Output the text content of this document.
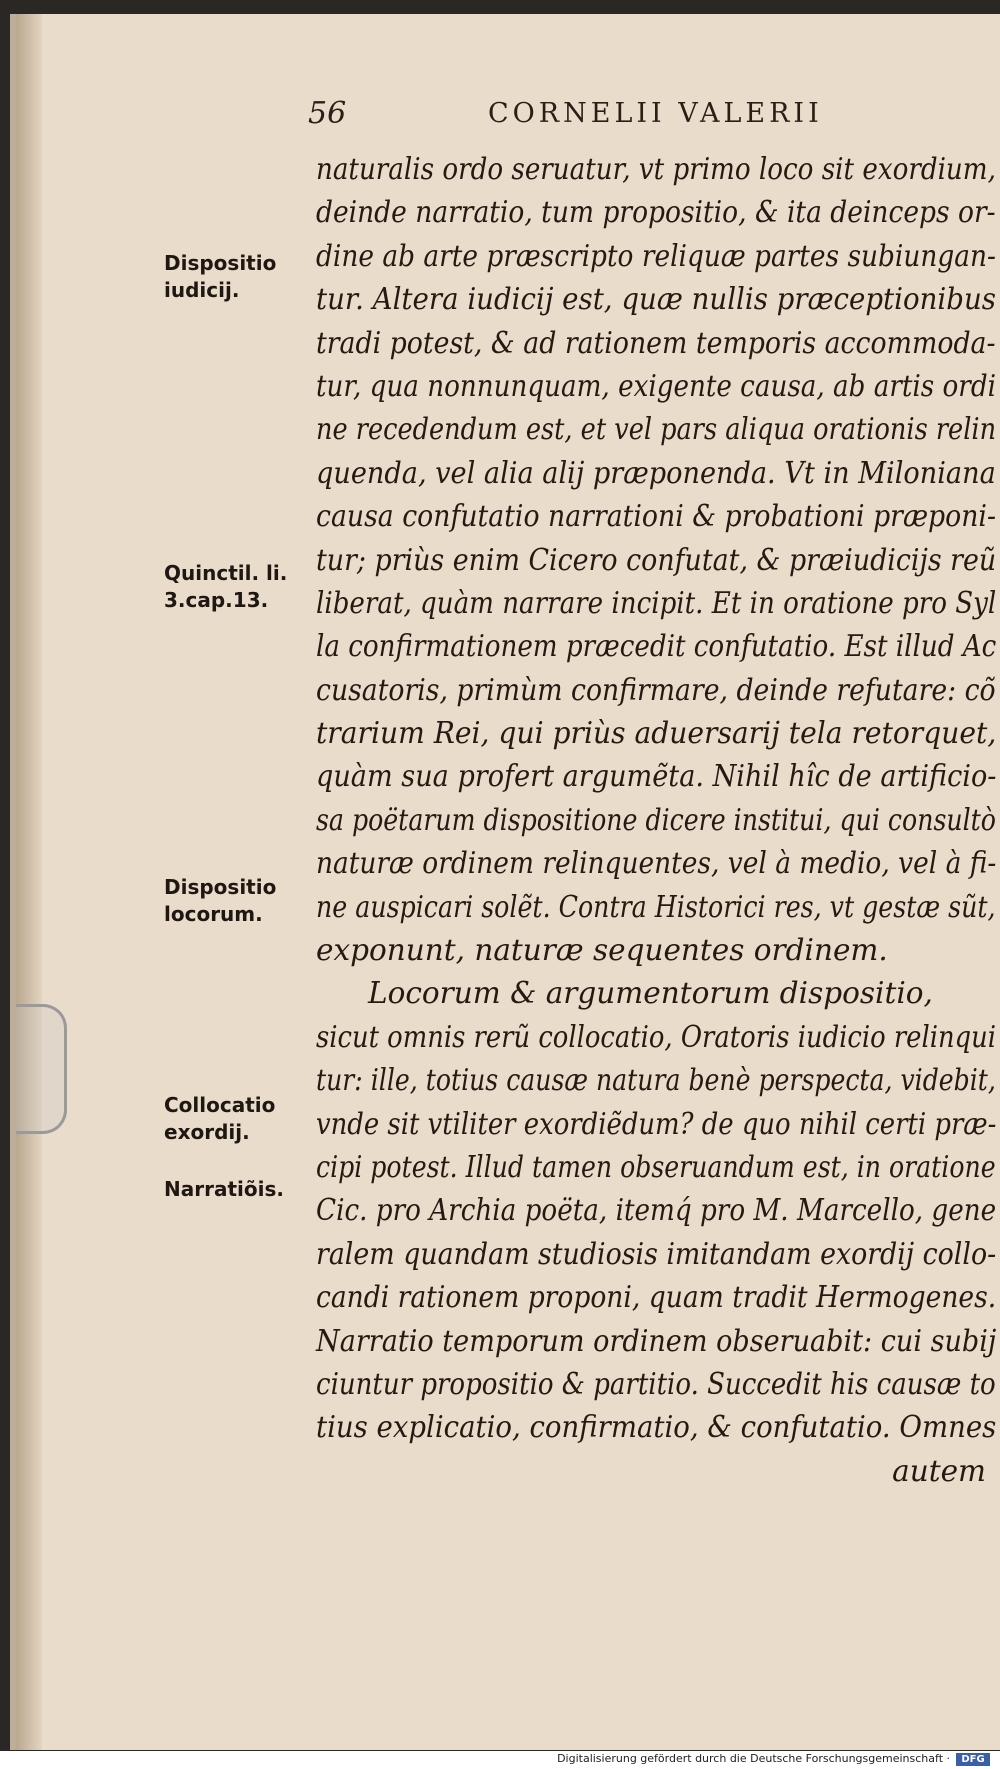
56	CORNELII VALERII
Dispositio
iudicij.
Quinctil. li.
3.cap.13.
Dispositio
locorum.
Collocatio
exordij.
Narratiõis.
naturalis ordo seruatur, vt primo loco sit exordium,
deinde narratio, tum propositio, & ita deinceps or-
dine ab arte præscripto reliquæ partes subiungan-
tur. Altera iudicij est, quæ nullis præceptionibus
tradi potest, & ad rationem temporis accommoda-
tur, qua nonnunquam, exigente causa, ab artis ordi
ne recedendum est, et vel pars aliqua orationis relin
quenda, vel alia alij præponenda. Vt in Miloniana
causa confutatio narrationi & probationi præponi-
tur; priùs enim Cicero confutat, & præiudicijs reũ
liberat, quàm narrare incipit. Et in oratione pro Syl
la confirmationem præcedit confutatio. Est illud Ac
cusatoris, primùm confirmare, deinde refutare: cõ
trarium Rei, qui priùs aduersarij tela retorquet,
quàm sua profert argumẽta. Nihil hîc de artificio-
sa poëtarum dispositione dicere institui, qui consultò
naturæ ordinem relinquentes, vel à medio, vel à fi-
ne auspicari solẽt. Contra Historici res, vt gestæ sũt,
exponunt, naturæ sequentes ordinem.
Locorum & argumentorum dispositio,
sicut omnis rerũ collocatio, Oratoris iudicio relinqui
tur: ille, totius causæ natura benè perspecta, videbit,
vnde sit vtiliter exordiẽdum? de quo nihil certi præ-
cipi potest. Illud tamen obseruandum est, in oratione
Cic. pro Archia poëta, itemq́ pro M. Marcello, gene
ralem quandam studiosis imitandam exordij collo-
candi rationem proponi, quam tradit Hermogenes.
Narratio temporum ordinem obseruabit: cui subij
ciuntur propositio & partitio. Succedit his causæ to
tius explicatio, confirmatio, & confutatio. Omnes
autem
Digitalisierung gefördert durch die Deutsche Forschungsgemeinschaft ·	DFG
